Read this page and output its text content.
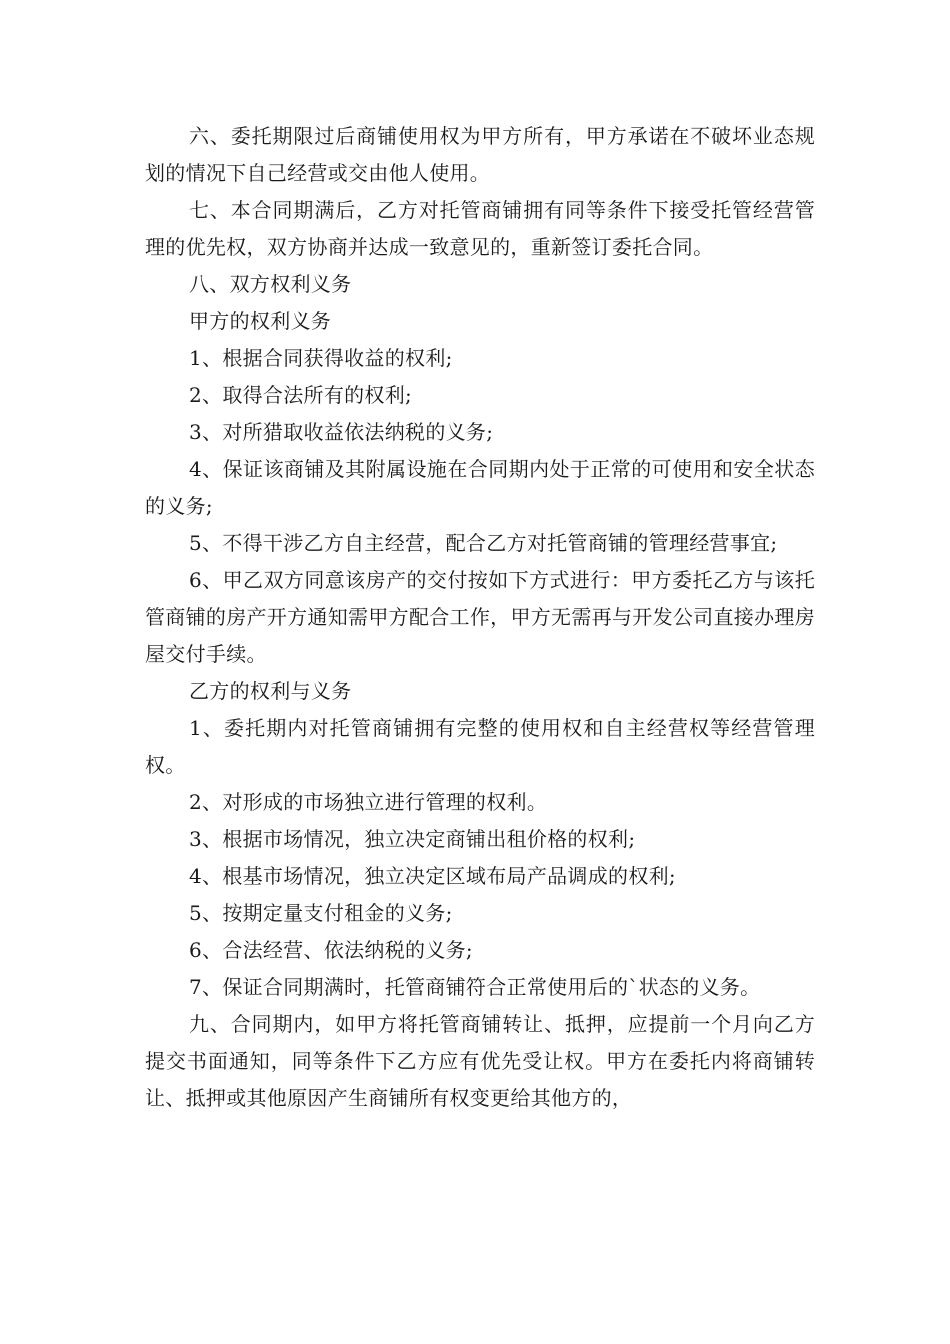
六、委托期限过后商铺使用权为甲方所有，甲方承诺在不破坏业态规划的情况下自己经营或交由他人使用。

七、本合同期满后，乙方对托管商铺拥有同等条件下接受托管经营管理的优先权，双方协商并达成一致意见的，重新签订委托合同。

八、双方权利义务

甲方的权利义务

1、根据合同获得收益的权利;

2、取得合法所有的权利;

3、对所猎取收益依法纳税的义务;

4、保证该商铺及其附属设施在合同期内处于正常的可使用和安全状态的义务;

5、不得干涉乙方自主经营，配合乙方对托管商铺的管理经营事宜;

6、甲乙双方同意该房产的交付按如下方式进行：甲方委托乙方与该托管商铺的房产开方通知需甲方配合工作，甲方无需再与开发公司直接办理房屋交付手续。

乙方的权利与义务

1、委托期内对托管商铺拥有完整的使用权和自主经营权等经营管理权。

2、对形成的市场独立进行管理的权利。

3、根据市场情况，独立决定商铺出租价格的权利;

4、根基市场情况，独立决定区域布局产品调成的权利;

5、按期定量支付租金的义务;

6、合法经营、依法纳税的义务;

7、保证合同期满时，托管商铺符合正常使用后的`状态的义务。

九、合同期内，如甲方将托管商铺转让、抵押，应提前一个月向乙方提交书面通知，同等条件下乙方应有优先受让权。甲方在委托内将商铺转让、抵押或其他原因产生商铺所有权变更给其他方的，
